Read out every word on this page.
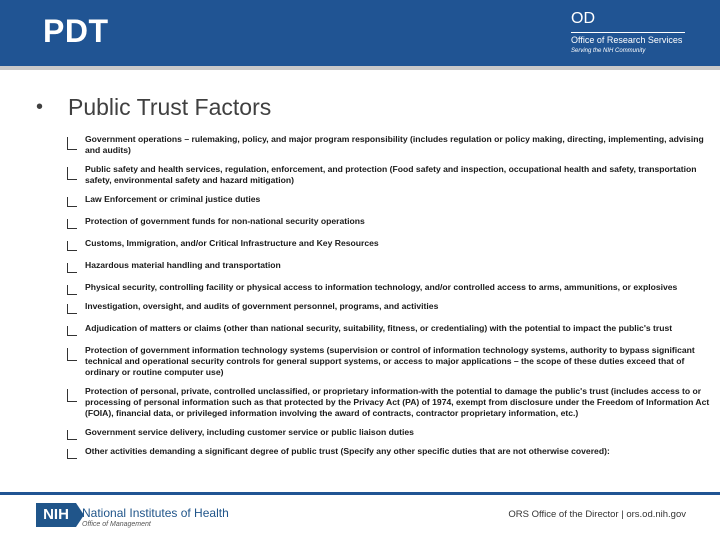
PDT	OD
Office of Research Services
Serving the NIH Community
• Public Trust Factors
Government operations – rulemaking, policy, and major program responsibility (includes regulation or policy making, directing, implementing, advising and audits)
Public safety and health services, regulation, enforcement, and protection (Food safety and inspection, occupational health and safety, transportation safety, environmental safety and hazard mitigation)
Law Enforcement or criminal justice duties
Protection of government funds for non-national security operations
Customs, Immigration, and/or Critical Infrastructure and Key Resources
Hazardous material handling and transportation
Physical security, controlling facility or physical access to information technology, and/or controlled access to arms, ammunitions, or explosives
Investigation, oversight, and audits of government personnel, programs, and activities
Adjudication of matters or claims (other than national security, suitability, fitness, or credentialing) with the potential to impact the public's trust
Protection of government information technology systems (supervision or control of information technology systems, authority to bypass significant technical and operational security controls for general support systems, or access to major applications – the scope of these duties exceed that of ordinary or routine computer use)
Protection of personal, private, controlled unclassified, or proprietary information-with the potential to damage the public's trust (includes access to or processing of personal information such as that protected by the Privacy Act (PA) of 1974, exempt from disclosure under the Freedom of Information Act (FOIA), financial data, or privileged information involving the award of contracts, contractor proprietary information, etc.)
Government service delivery, including customer service or public liaison duties
Other activities demanding a significant degree of public trust (Specify any other specific duties that are not otherwise covered):
NIH	National Institutes of Health
Office of Management
ORS Office of the Director | ors.od.nih.gov
